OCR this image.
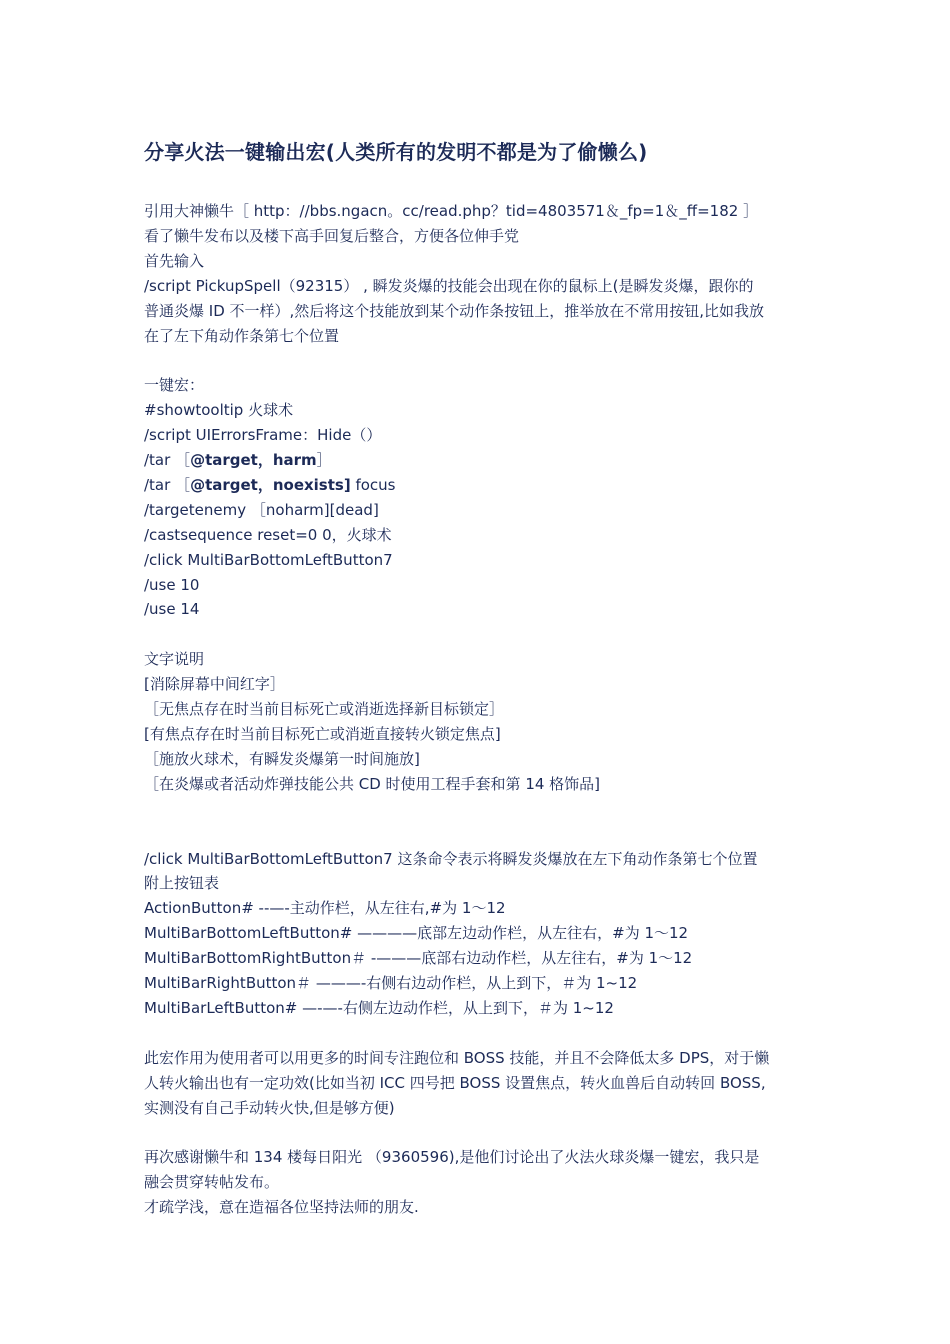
分享火法一键输出宏(人类所有的发明不都是为了偷懒么)
引用大神懒牛［ http：//bbs.ngacn。cc/read.php？tid=4803571＆_fp=1＆_ff=182 ］
看了懒牛发布以及楼下高手回复后整合，方便各位伸手党
首先输入
/script PickupSpell（92315） , 瞬发炎爆的技能会出现在你的鼠标上(是瞬发炎爆，跟你的
普通炎爆 ID 不一样）,然后将这个技能放到某个动作条按钮上，推举放在不常用按钮,比如我放
在了左下角动作条第七个位置
一键宏：
#showtooltip 火球术
/script UIErrorsFrame：Hide（）
/tar ［@target，harm］
/tar ［@target，noexists] focus
/targetenemy ［noharm][dead]
/castsequence reset=0 0，火球术
/click MultiBarBottomLeftButton7
/use 10
/use 14
文字说明
[消除屏幕中间红字］
［无焦点存在时当前目标死亡或消逝选择新目标锁定］
[有焦点存在时当前目标死亡或消逝直接转火锁定焦点]
［施放火球术，有瞬发炎爆第一时间施放]
［在炎爆或者活动炸弹技能公共 CD 时使用工程手套和第 14 格饰品]
/click MultiBarBottomLeftButton7 这条命令表示将瞬发炎爆放在左下角动作条第七个位置
附上按钮表
ActionButton# --—-主动作栏，从左往右,#为 1～12
MultiBarBottomLeftButton# ————底部左边动作栏，从左往右，#为 1～12
MultiBarBottomRightButton＃ -———底部右边动作栏，从左往右，#为 1～12
MultiBarRightButton＃ ———-右侧右边动作栏，从上到下，＃为 1~12
MultiBarLeftButton# —-—-右侧左边动作栏，从上到下，＃为 1~12
此宏作用为使用者可以用更多的时间专注跑位和 BOSS 技能，并且不会降低太多 DPS，对于懒
人转火输出也有一定功效(比如当初 ICC 四号把 BOSS 设置焦点，转火血兽后自动转回 BOSS,
实测没有自己手动转火快,但是够方便)
再次感谢懒牛和 134 楼每日阳光 （9360596),是他们讨论出了火法火球炎爆一键宏，我只是
融会贯穿转帖发布。
才疏学浅，意在造福各位坚持法师的朋友.
